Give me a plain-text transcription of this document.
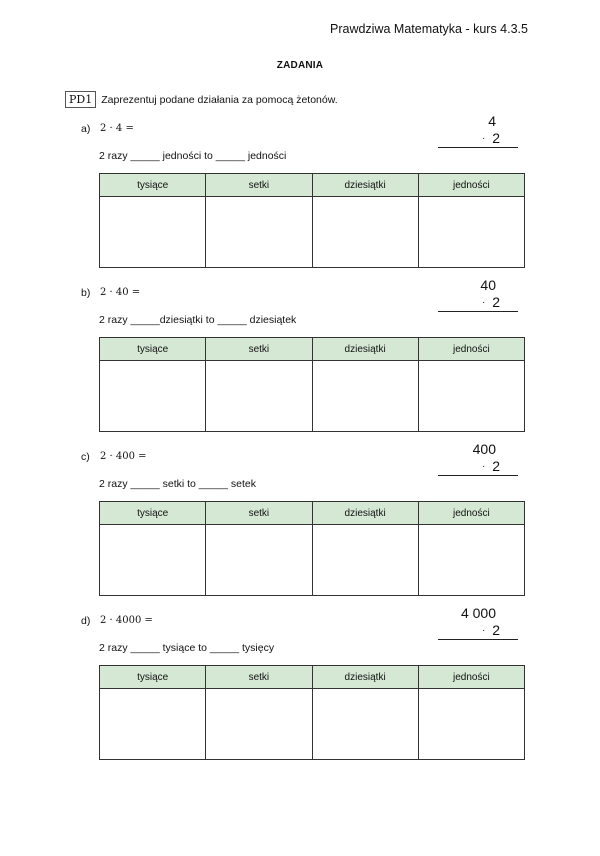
Prawdziwa Matematyka - kurs 4.3.5
ZADANIA
PD1 Zaprezentuj podane działania za pomocą żetonów.
a) 2 · 4 =
2 razy _____ jedności to _____ jedności
4
· 2
tysiące	setki	dziesiątki	jedności

b) 2 · 40 =
2 razy _____dziesiątki to _____ dziesiątek
40
· 2
tysiące	setki	dziesiątki	jedności

c) 2 · 400 =
2 razy _____ setki to _____ setek
400
· 2
tysiące	setki	dziesiątki	jedności

d) 2 · 4000 =
2 razy _____ tysiące to _____ tysięcy
4 000
· 2
tysiące	setki	dziesiątki	jedności
